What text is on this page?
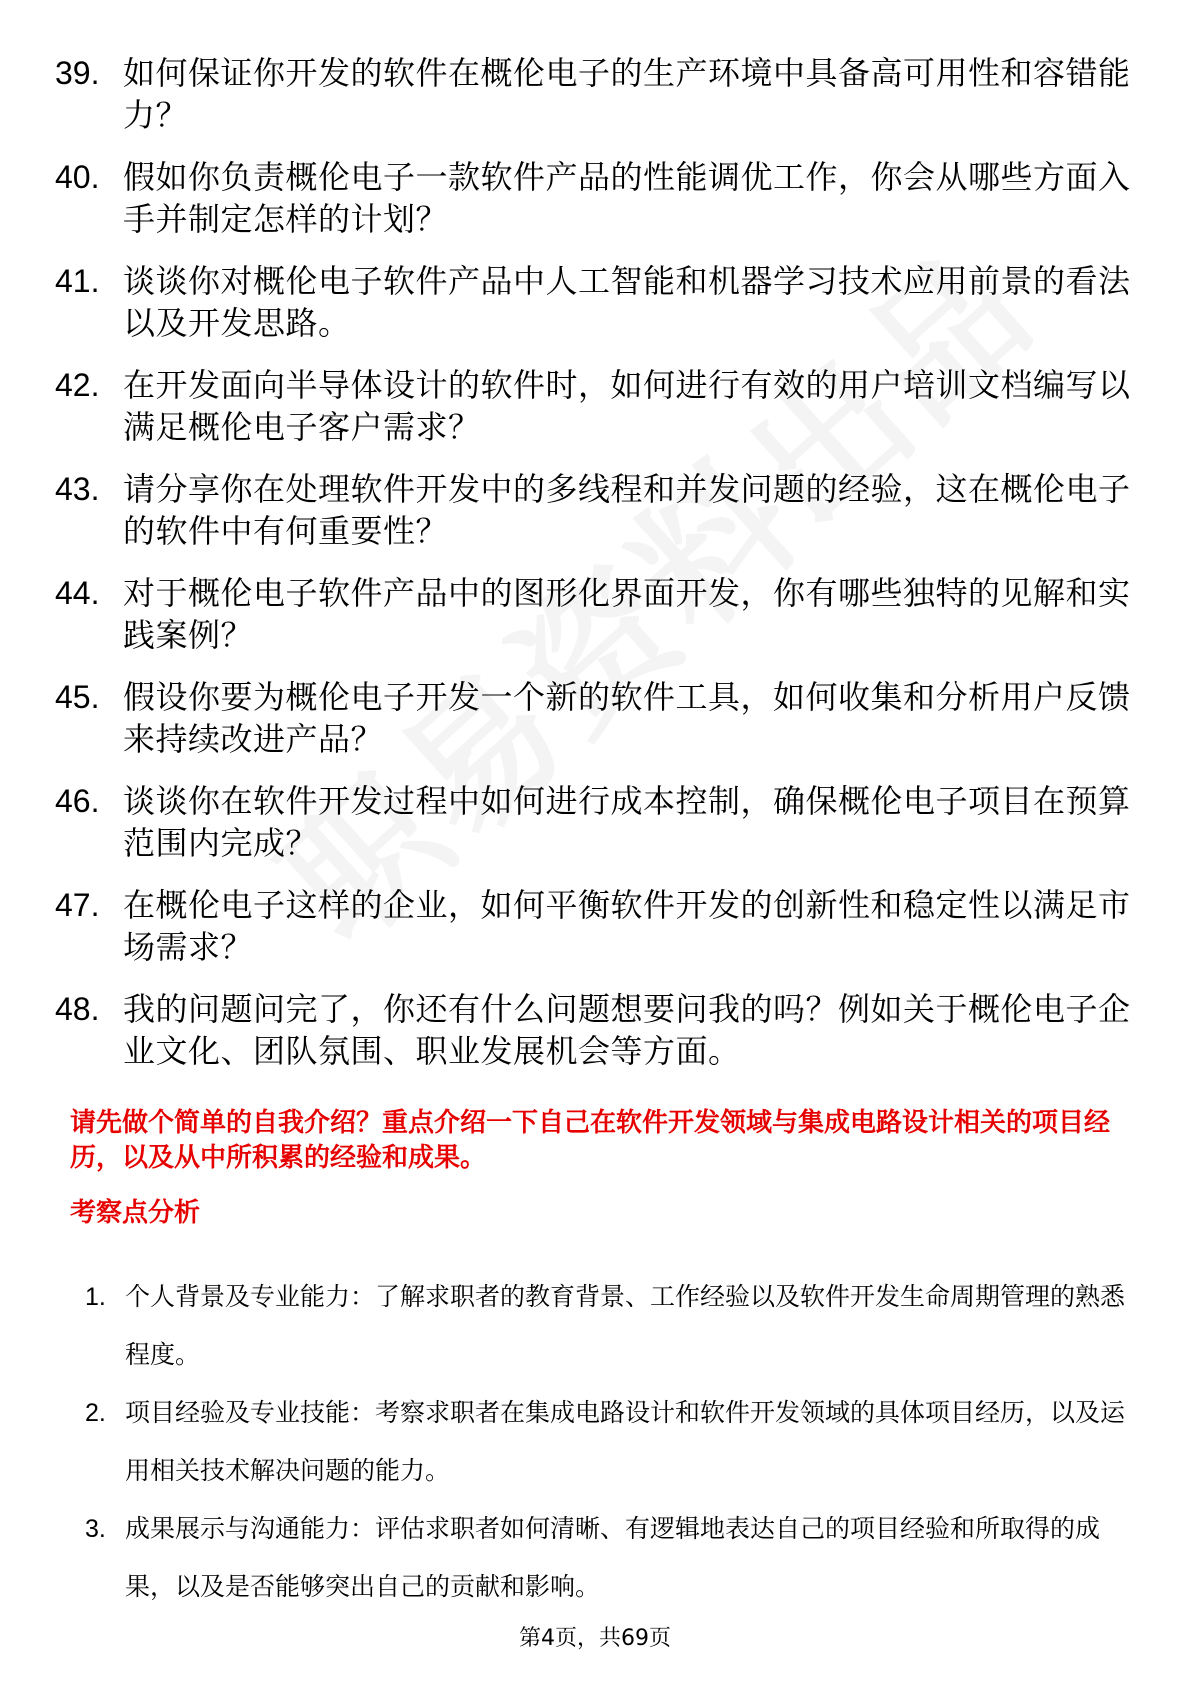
39. 如何保证你开发的软件在概伦电子的生产环境中具备高可用性和容错能力？
40. 假如你负责概伦电子一款软件产品的性能调优工作，你会从哪些方面入手并制定怎样的计划？
41. 谈谈你对概伦电子软件产品中人工智能和机器学习技术应用前景的看法以及开发思路。
42. 在开发面向半导体设计的软件时，如何进行有效的用户培训文档编写以满足概伦电子客户需求？
43. 请分享你在处理软件开发中的多线程和并发问题的经验，这在概伦电子的软件中有何重要性？
44. 对于概伦电子软件产品中的图形化界面开发，你有哪些独特的见解和实践案例？
45. 假设你要为概伦电子开发一个新的软件工具，如何收集和分析用户反馈来持续改进产品？
46. 谈谈你在软件开发过程中如何进行成本控制，确保概伦电子项目在预算范围内完成？
47. 在概伦电子这样的企业，如何平衡软件开发的创新性和稳定性以满足市场需求？
48. 我的问题问完了，你还有什么问题想要问我的吗？例如关于概伦电子企业文化、团队氛围、职业发展机会等方面。
请先做个简单的自我介绍？重点介绍一下自己在软件开发领域与集成电路设计相关的项目经历，以及从中所积累的经验和成果。
考察点分析
1. 个人背景及专业能力：了解求职者的教育背景、工作经验以及软件开发生命周期管理的熟悉程度。
2. 项目经验及专业技能：考察求职者在集成电路设计和软件开发领域的具体项目经历，以及运用相关技术解决问题的能力。
3. 成果展示与沟通能力：评估求职者如何清晰、有逻辑地表达自己的项目经验和所取得的成果，以及是否能够突出自己的贡献和影响。
第4页，共69页
